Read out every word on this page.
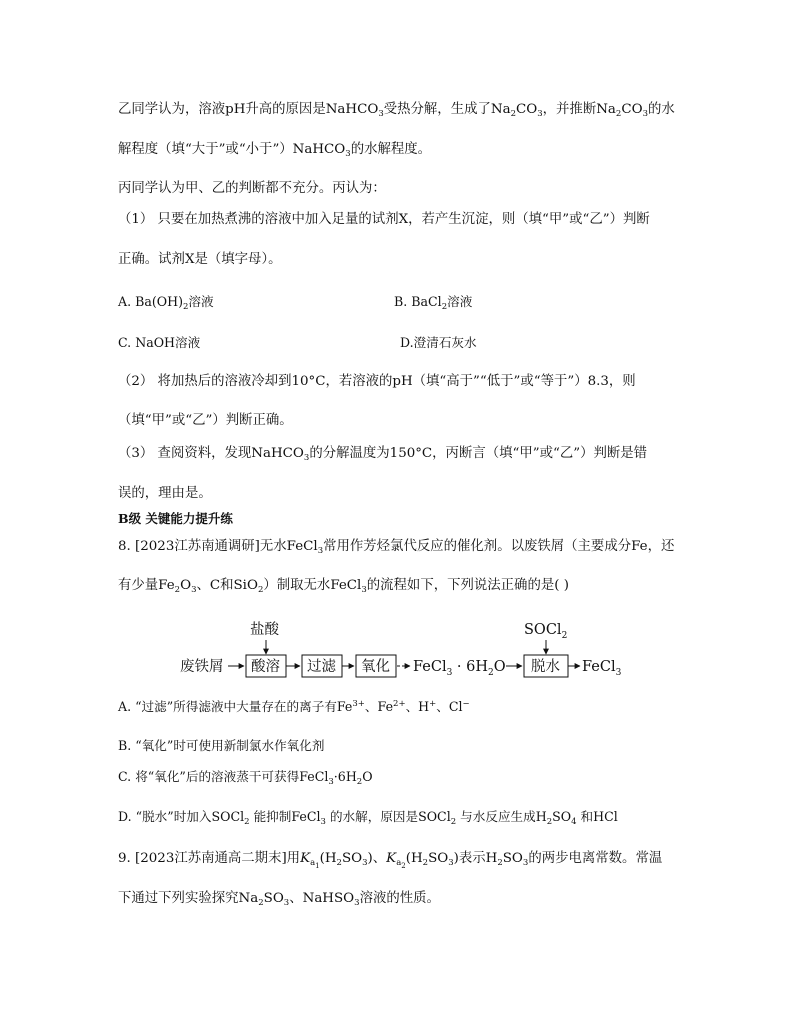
乙同学认为，溶液pH升高的原因是NaHCO$_3$受热分解，生成了$Na_2CO_3$，并推断$Na_2CO_3$的水
解程度（填“大于”或“小于”）NaHCO$_3$的水解程度。
丙同学认为甲、乙的判断都不充分。丙认为：
（1） 只要在加热煮沸的溶液中加入足量的试剂X，若产生沉淀，则（填“甲”或“乙”）判断
正确。试剂X是（填字母）。
A. $Ba(OH)_2$溶液	B. BaCl$_2$溶液
C. NaOH溶液	D.澄清石灰水
（2） 将加热后的溶液冷却到10°C，若溶液的pH（填“高于”“低于”或“等于”）8.3，则
（填“甲”或“乙”）判断正确。
（3） 查阅资料，发现NaHCO$_3$的分解温度为150°C，丙断言（填“甲”或“乙”）判断是错
误的，理由是。
B级 关键能力提升练
8. [2023江苏南通调研]无水FeCl$_3$常用作芳烃氯代反应的催化剂。以废铁屑（主要成分Fe，还
有少量$Fe_2O_3$、C和SiO$_2$）制取无水FeCl$_3$的流程如下，下列说法正确的是( )
盐酸	SOCl$_2$
废铁屑 酸溶 过滤 氧化 FeCl$_3$ · $6H_2O$ 脱水 FeCl$_3$
A. “过滤”所得滤液中大量存在的离子有$Fe^{3+}$、$Fe^{2+}$、H+、Cl−
B. “氧化”时可使用新制氯水作氧化剂
C. 将“氧化”后的溶液蒸干可获得$FeCl_3\cdot 6H_2O$
D. “脱水”时加入SOCl$_2$ 能抑制FeCl$_3$ 的水解，原因是SOCl$_2$ 与水反应生成$H_2SO_4$ 和HCl
9. [2023江苏南通高二期末]用$K_{a_1}(H_2SO_3)$、$K_{a_2}(H_2SO_3)$表示$H_2SO_3$的两步电离常数。常温
下通过下列实验探究$Na_2SO_3$、NaHSO$_3$溶液的性质。
